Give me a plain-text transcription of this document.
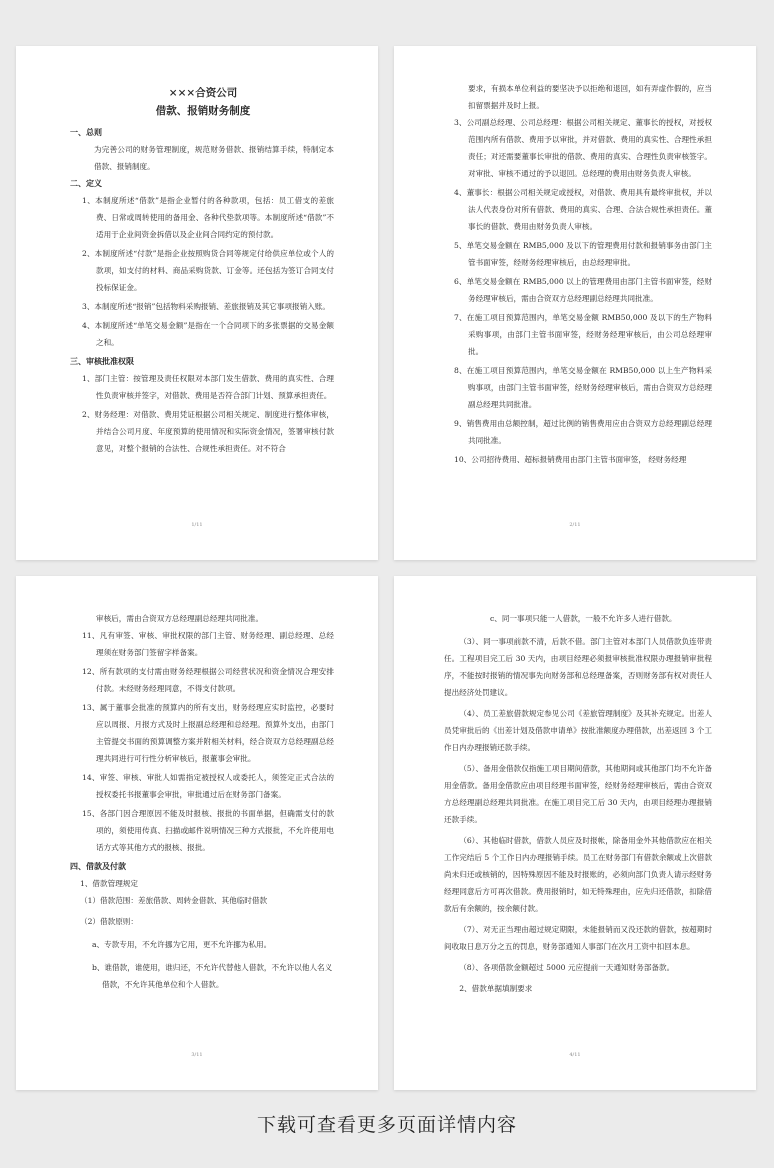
×××合资公司

借款、报销财务制度

一、总则

为完善公司的财务管理制度，规范财务借款、报销结算手续，特制定本借款、报销制度。

二、定义

1、本制度所述“借款”是指企业暂付的各种款项，包括：员工借支的差旅费、日常或周转使用的备用金、各种代垫款项等。本制度所述“借款”不适用于企业间资金拆借以及企业间合同约定的预付款。

2、本制度所述“付款”是指企业按照购货合同等规定付给供应单位或个人的款项，如支付的材料、商品采购货款、订金等。还包括为签订合同支付投标保证金。

3、本制度所述“报销”包括物料采购报销、差旅报销及其它事项报销入账。

4、本制度所述“单笔交易金额”是指在一个合同项下的多张票据的交易金额之和。

三、审核批准权限

1、部门主管：按管理及责任权限对本部门发生借款、费用的真实性、合理性负责审核并签字，对借款、费用是否符合部门计划、预算承担责任。

2、财务经理：对借款、费用凭证根据公司相关规定、制度进行整体审核，并结合公司月度、年度预算的使用情况和实际资金情况，签署审核付款意见，对整个报销的合法性、合规性承担责任。对不符合

1/11

要求，有损本单位利益的要坚决予以拒绝和退回，如有弄虚作假的，应当扣留票据并及时上报。

3、公司副总经理、公司总经理：根据公司相关规定、董事长的授权，对授权范围内所有借款、费用予以审批，并对借款、费用的真实性、合理性承担责任；对还需要董事长审批的借款、费用的真实、合理性负责审核签字。对审批、审核不通过的予以退回。总经理的费用由财务负责人审核。

4、董事长：根据公司相关规定或授权，对借款、费用具有最终审批权，并以法人代表身份对所有借款、费用的真实、合理、合法合规性承担责任。董事长的借款、费用由财务负责人审核。

5、单笔交易金额在 RMB5,000 及以下的管理费用付款和报销事务由部门主管书面审签，经财务经理审核后，由总经理审批。

6、单笔交易金额在 RMB5,000 以上的管理费用由部门主管书面审签，经财务经理审核后，需由合资双方总经理副总经理共同批准。

7、在施工项目预算范围内，单笔交易金额 RMB50,000 及以下的生产物料采购事项，由部门主管书面审签，经财务经理审核后，由公司总经理审批。

8、在施工项目预算范围内，单笔交易金额在 RMB50,000 以上生产物料采购事项，由部门主管书面审签，经财务经理审核后，需由合资双方总经理副总经理共同批准。

9、销售费用由总额控制，超过比例的销售费用应由合资双方总经理副总经理共同批准。

10、公司招待费用、超标报销费用由部门主管书面审签， 经财务经理

2/11

审核后，需由合资双方总经理副总经理共同批准。

11、凡有审签、审核、审批权限的部门主管、财务经理、副总经理、总经理须在财务部门签留字样备案。

12、所有款项的支付需由财务经理根据公司经营状况和资金情况合理安排付款。未经财务经理同意，不得支付款项。

13、属于董事会批准的预算内的所有支出，财务经理应实时监控，必要时应以周报、月报方式及时上报副总经理和总经理。预算外支出，由部门主管提交书面的预算调整方案并附相关材料，经合资双方总经理副总经理共同进行可行性分析审核后，报董事会审批。

14、审签、审核、审批人如需指定被授权人或委托人，须签定正式合法的授权委托书报董事会审批，审批通过后在财务部门备案。

15、各部门因合理原因不能及时报核、报批的书面单据，但确需支付的款项的，须使用传真、扫描或邮件说明情况三种方式报批，不允许使用电话方式等其他方式的报核、报批。

四、借款及付款

1、借款管理规定

（1）借款范围：差旅借款、周转金借款、其他临时借款

（2）借款原则：

a、专款专用，不允许挪为它用，更不允许挪为私用。

b、谁借款，谁使用，谁归还，不允许代替他人借款，不允许以他人名义借款，不允许其他单位和个人借款。

3/11

c、同一事项只能一人借款，一般不允许多人进行借款。

（3）、同一事项前款不清，后款不借。部门主管对本部门人员借款负连带责任。工程项目完工后 30 天内，由项目经理必须报审核批准权限办理报销审批程序，不能按时报销的情况事先向财务部和总经理备案，否则财务部有权对责任人提出经济处罚建议。

（4）、员工差旅借款规定参见公司《差旅管理制度》及其补充规定。出差人员凭审批后的《出差计划及借款申请单》按批准额度办理借款，出差返回 3 个工作日内办理报销还款手续。

（5）、备用金借款仅指施工项目期间借款，其他期间或其他部门均不允许备用金借款。备用金借款应由项目经理书面审签，经财务经理审核后，需由合资双方总经理副总经理共同批准。在施工项目完工后 30 天内，由项目经理办理报销还款手续。

（6）、其他临时借款，借款人员应及时报帐，除备用金外其他借款应在相关工作完结后 5 个工作日内办理报销手续。员工在财务部门有借款余额或上次借款尚未归还或核销的，因特殊原因不能及时报账的，必须向部门负责人请示经财务经理同意后方可再次借款。费用报销时，如无特殊理由，应先归还借款，扣除借款后有余额的，按余额付款。

（7）、对无正当理由超过规定期限，未能报销而又没还款的借款，按超期时间收取日息万分之五的罚息，财务部通知人事部门在次月工资中扣回本息。

（8）、各项借款金额超过 5000 元应提前一天通知财务部备款。

2、借款单据填制要求

4/11
下载可查看更多页面详情内容
